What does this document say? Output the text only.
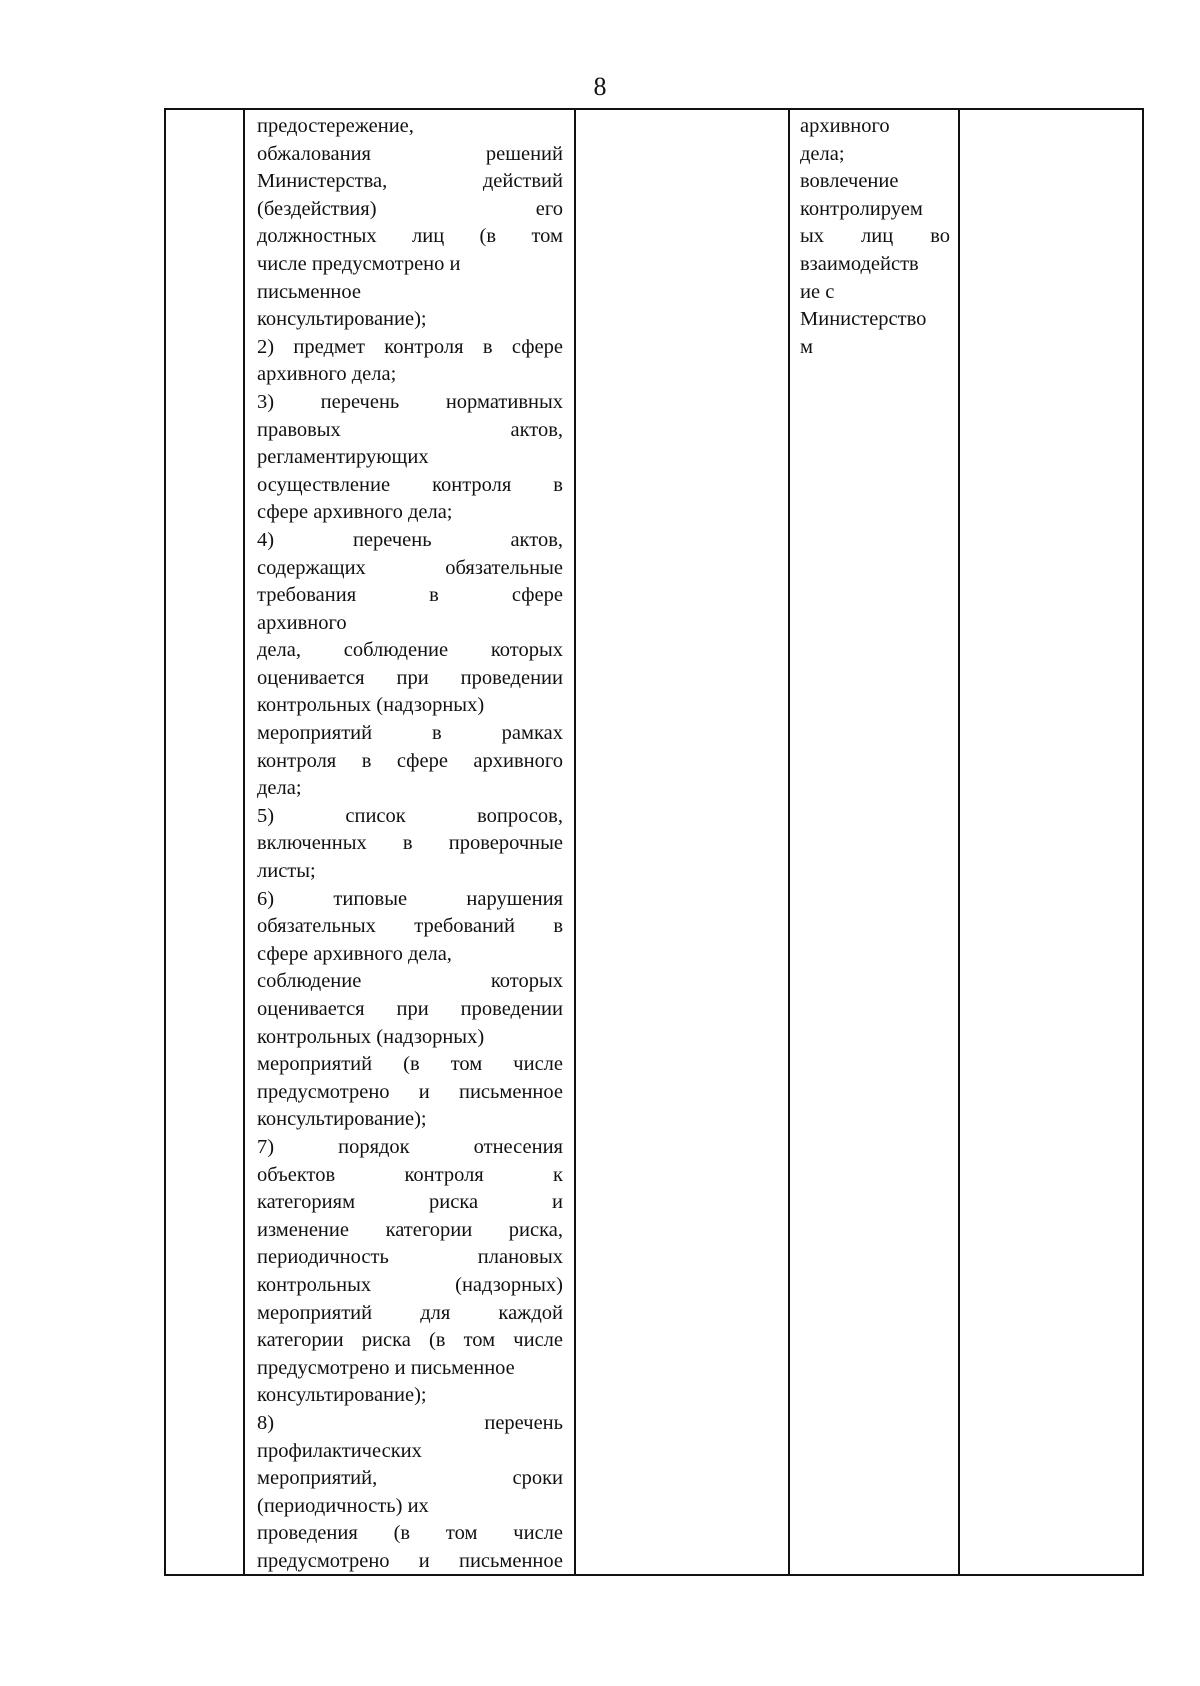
8
предостережение,
обжалования решений
Министерства, действий
(бездействия) его
должностных лиц (в том
числе предусмотрено и
письменное
консультирование);
2) предмет контроля в сфере
архивного дела;
3) перечень нормативных
правовых актов,
регламентирующих
осуществление контроля в
сфере архивного дела;
4) перечень актов,
содержащих обязательные
требования в сфере
архивного
дела, соблюдение которых
оценивается при проведении
контрольных (надзорных)
мероприятий в рамках
контроля в сфере архивного
дела;
5) список вопросов,
включенных в проверочные
листы;
6) типовые нарушения
обязательных требований в
сфере архивного дела,
соблюдение которых
оценивается при проведении
контрольных (надзорных)
мероприятий (в том числе
предусмотрено и письменное
консультирование);
7) порядок отнесения
объектов контроля к
категориям риска и
изменение категории риска,
периодичность плановых
контрольных (надзорных)
мероприятий для каждой
категории риска (в том числе
предусмотрено и письменное
консультирование);
8) перечень
профилактических
мероприятий, сроки
(периодичность) их
проведения (в том числе
предусмотрено и письменное
архивного
дела;
вовлечение
контролируем
ых лиц во
взаимодейств
ие с
Министерство
м
